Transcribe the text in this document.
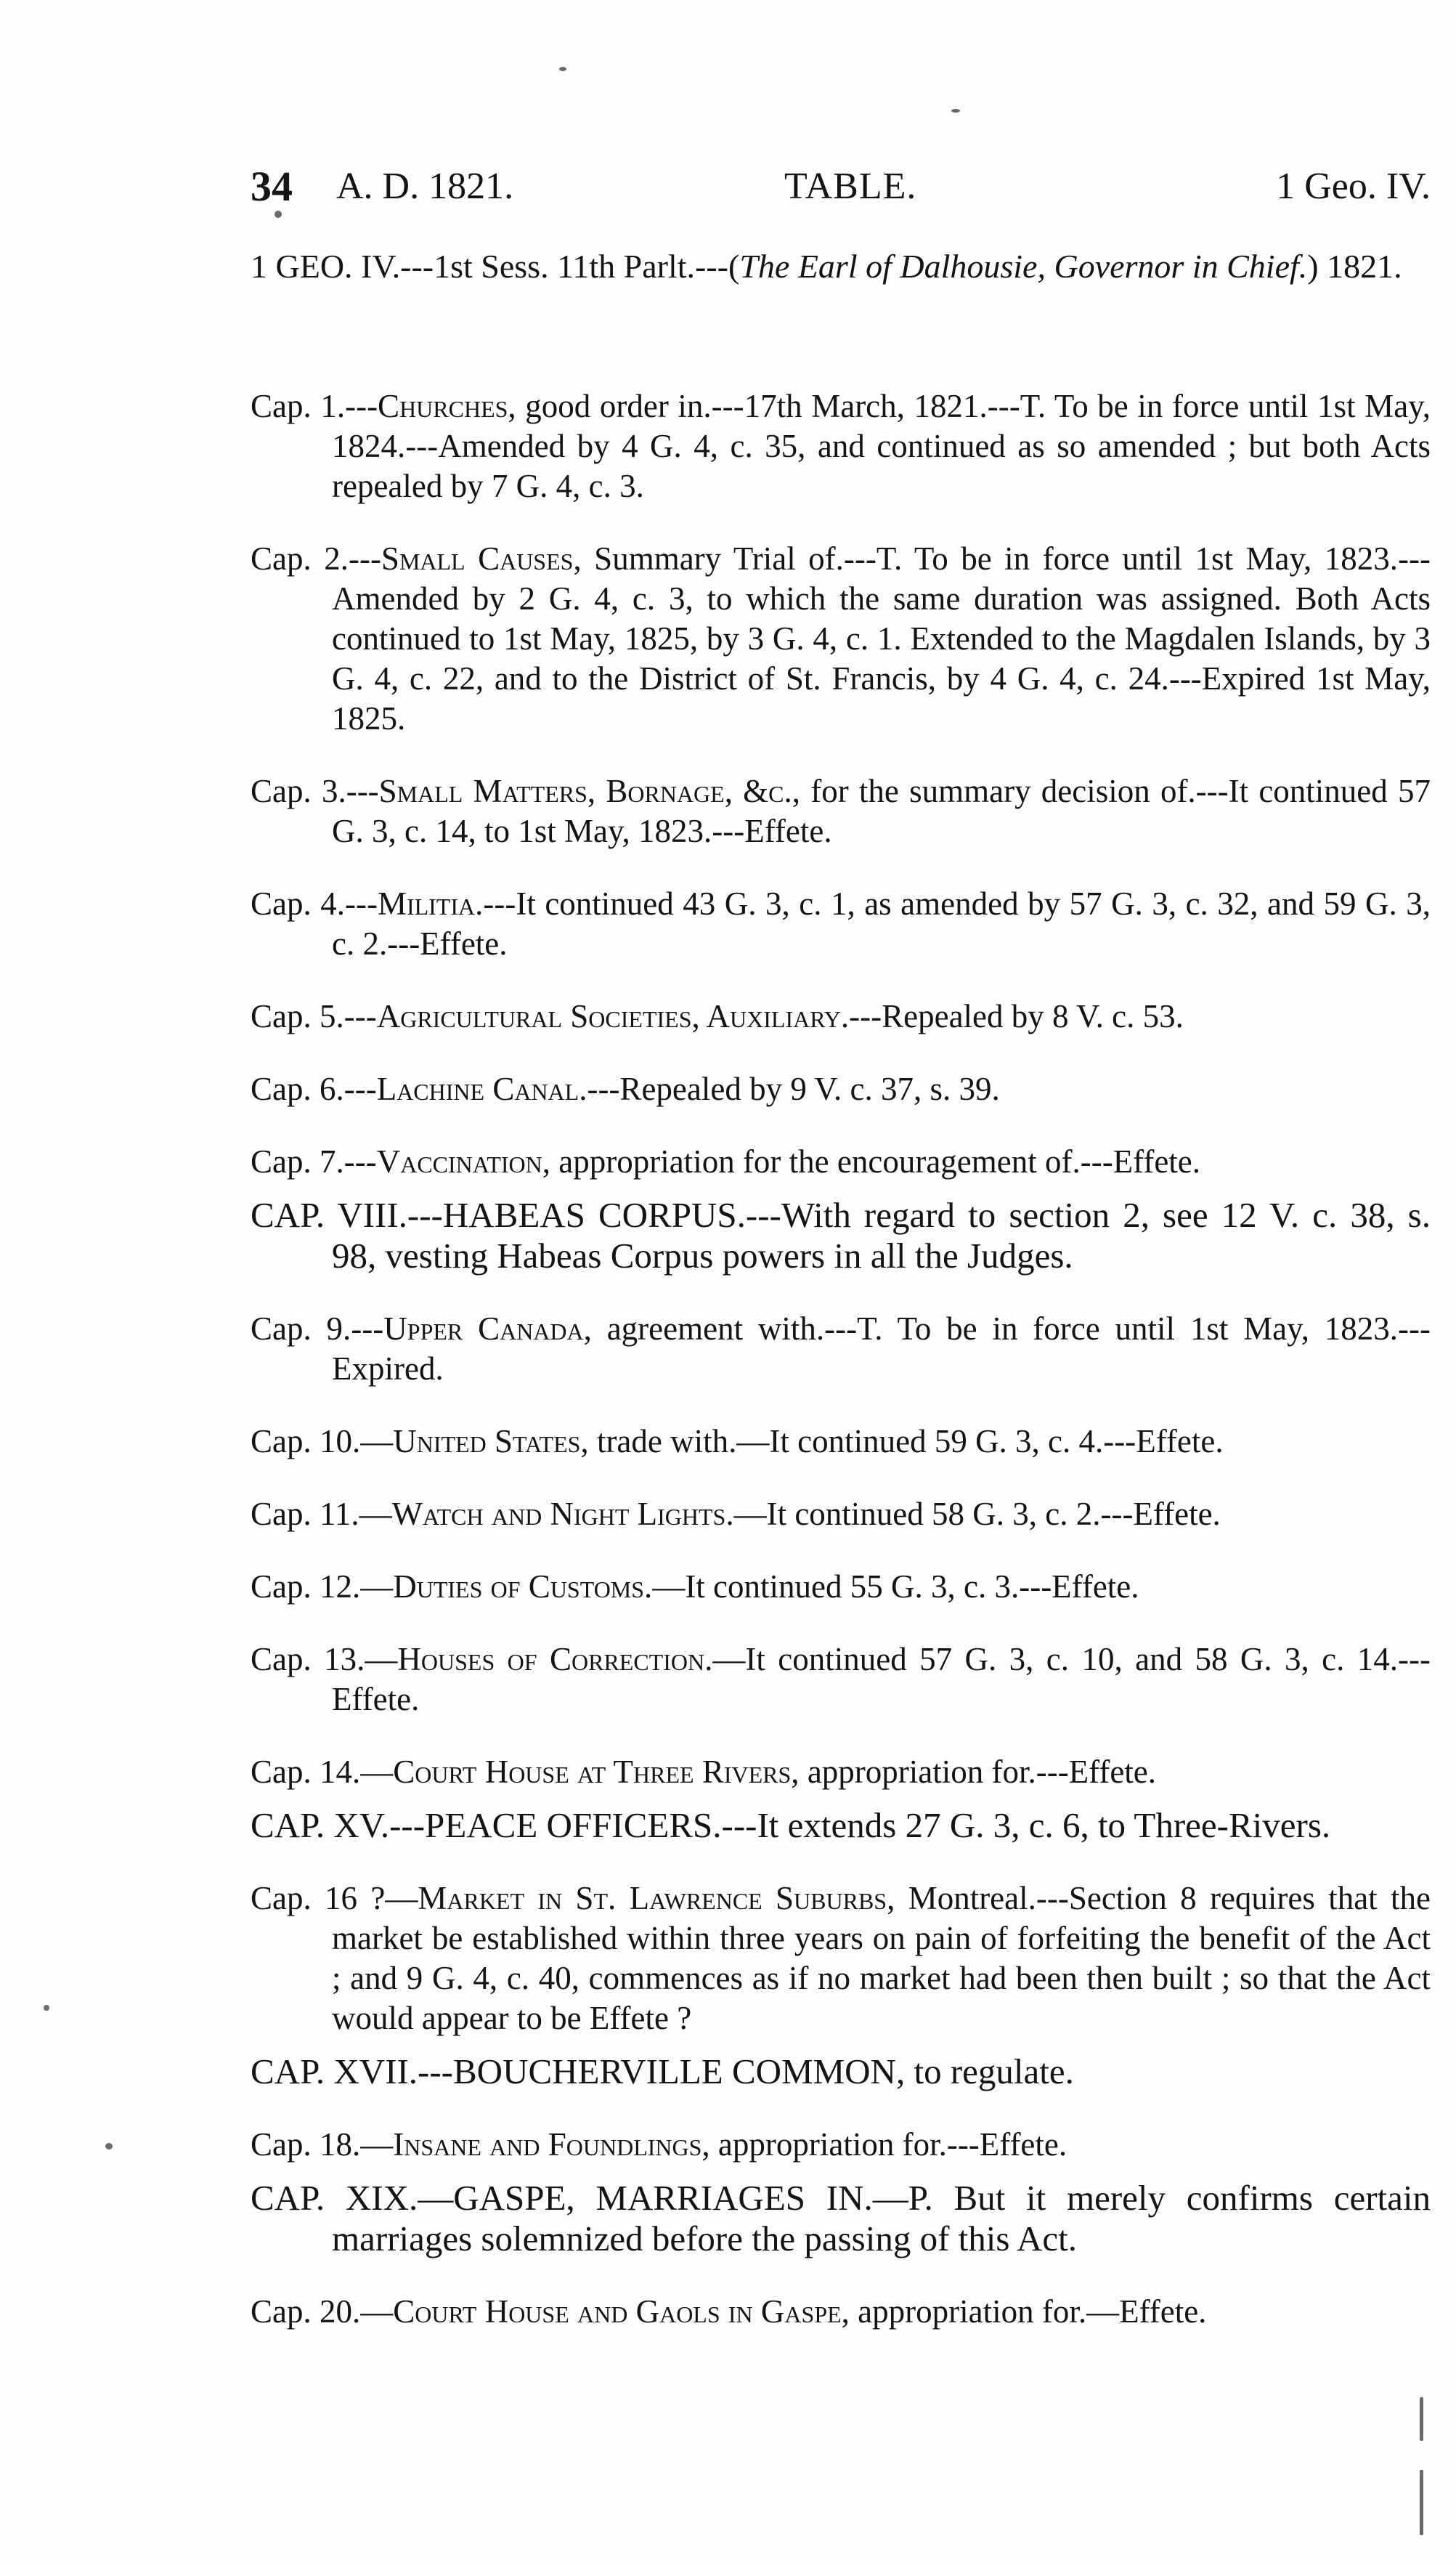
34 A. D. 1821.	TABLE.	1 Geo. IV.
1 GEO. IV.---1st Sess. 11th Parlt.---(The Earl of Dalhousie, Governor in Chief.) 1821.

Cap. 1.---Churches, good order in.---17th March, 1821.---T. To be in force until 1st May, 1824.---Amended by 4 G. 4, c. 35, and continued as so amended ; but both Acts repealed by 7 G. 4, c. 3.

Cap. 2.---Small Causes, Summary Trial of.---T. To be in force until 1st May, 1823.---Amended by 2 G. 4, c. 3, to which the same duration was assigned. Both Acts continued to 1st May, 1825, by 3 G. 4, c. 1. Extended to the Magdalen Islands, by 3 G. 4, c. 22, and to the District of St. Francis, by 4 G. 4, c. 24.---Expired 1st May, 1825.

Cap. 3.---Small Matters, Bornage, &c., for the summary decision of.---It continued 57 G. 3, c. 14, to 1st May, 1823.---Effete.

Cap. 4.---Militia.---It continued 43 G. 3, c. 1, as amended by 57 G. 3, c. 32, and 59 G. 3, c. 2.---Effete.

Cap. 5.---Agricultural Societies, Auxiliary.---Repealed by 8 V. c. 53.

Cap. 6.---Lachine Canal.---Repealed by 9 V. c. 37, s. 39.

Cap. 7.---Vaccination, appropriation for the encouragement of.---Effete.

CAP. VIII.---HABEAS CORPUS.---With regard to section 2, see 12 V. c. 38, s. 98, vesting Habeas Corpus powers in all the Judges.

Cap. 9.---Upper Canada, agreement with.---T. To be in force until 1st May, 1823.---Expired.

Cap. 10.—United States, trade with.—It continued 59 G. 3, c. 4.---Effete.

Cap. 11.—Watch and Night Lights.—It continued 58 G. 3, c. 2.---Effete.

Cap. 12.—Duties of Customs.—It continued 55 G. 3, c. 3.---Effete.

Cap. 13.—Houses of Correction.—It continued 57 G. 3, c. 10, and 58 G. 3, c. 14.---Effete.

Cap. 14.—Court House at Three Rivers, appropriation for.---Effete.

CAP. XV.---PEACE OFFICERS.---It extends 27 G. 3, c. 6, to Three-Rivers.

Cap. 16 ?—Market in St. Lawrence Suburbs, Montreal.---Section 8 requires that the market be established within three years on pain of forfeiting the benefit of the Act ; and 9 G. 4, c. 40, commences as if no market had been then built ; so that the Act would appear to be Effete ?

CAP. XVII.---BOUCHERVILLE COMMON, to regulate.

Cap. 18.—Insane and Foundlings, appropriation for.---Effete.

CAP. XIX.—GASPE, MARRIAGES IN.—P. But it merely confirms certain marriages solemnized before the passing of this Act.

Cap. 20.—Court House and Gaols in Gaspe, appropriation for.—Effete.
